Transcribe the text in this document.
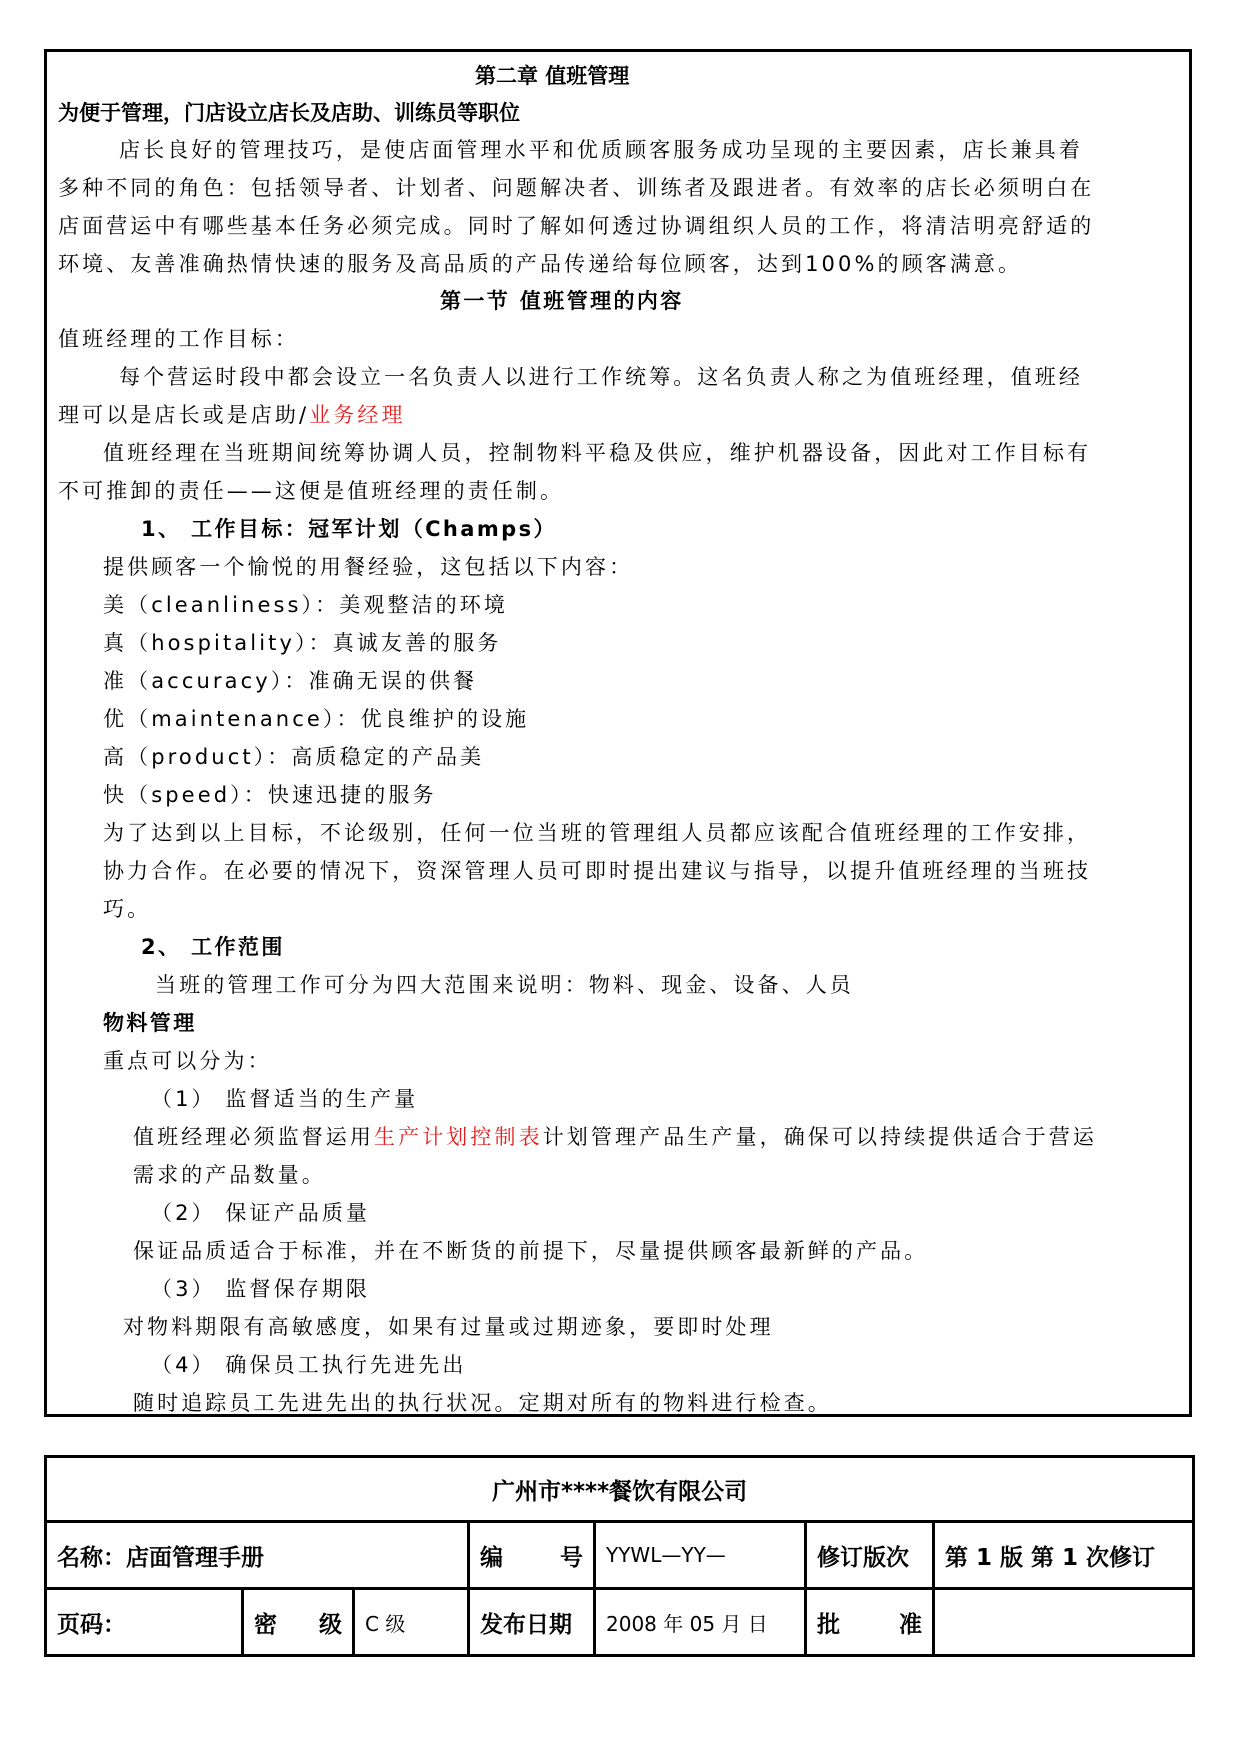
第二章 值班管理
为便于管理，门店设立店长及店助、训练员等职位
店长良好的管理技巧，是使店面管理水平和优质顾客服务成功呈现的主要因素，店长兼具着
多种不同的角色：包括领导者、计划者、问题解决者、训练者及跟进者。有效率的店长必须明白在
店面营运中有哪些基本任务必须完成。同时了解如何透过协调组织人员的工作，将清洁明亮舒适的
环境、友善准确热情快速的服务及高品质的产品传递给每位顾客，达到100%的顾客满意。
第一节 值班管理的内容
值班经理的工作目标：
每个营运时段中都会设立一名负责人以进行工作统筹。这名负责人称之为值班经理，值班经
理可以是店长或是店助/业务经理
值班经理在当班期间统筹协调人员，控制物料平稳及供应，维护机器设备，因此对工作目标有
不可推卸的责任——这便是值班经理的责任制。
1、 工作目标：冠军计划（Champs）
提供顾客一个愉悦的用餐经验，这包括以下内容：
美（cleanliness）：美观整洁的环境
真（hospitality）：真诚友善的服务
准（accuracy）：准确无误的供餐
优（maintenance）：优良维护的设施
高（product）：高质稳定的产品美
快（speed）：快速迅捷的服务
为了达到以上目标，不论级别，任何一位当班的管理组人员都应该配合值班经理的工作安排，
协力合作。在必要的情况下，资深管理人员可即时提出建议与指导，以提升值班经理的当班技
巧。
2、 工作范围
当班的管理工作可分为四大范围来说明：物料、现金、设备、人员
物料管理
重点可以分为：
（1） 监督适当的生产量
值班经理必须监督运用生产计划控制表计划管理产品生产量，确保可以持续提供适合于营运
需求的产品数量。
（2） 保证产品质量
保证品质适合于标准，并在不断货的前提下，尽量提供顾客最新鲜的产品。
（3） 监督保存期限
对物料期限有高敏感度，如果有过量或过期迹象，要即时处理
（4） 确保员工执行先进先出
随时追踪员工先进先出的执行状况。定期对所有的物料进行检查。
广州市****餐饮有限公司						
名称：店面管理手册			编 号	YYWL—YY—	修订版次	第 1 版 第 1 次修订
页码：	密 级	C 级	发布日期	2008 年 05 月 日	批 准	
